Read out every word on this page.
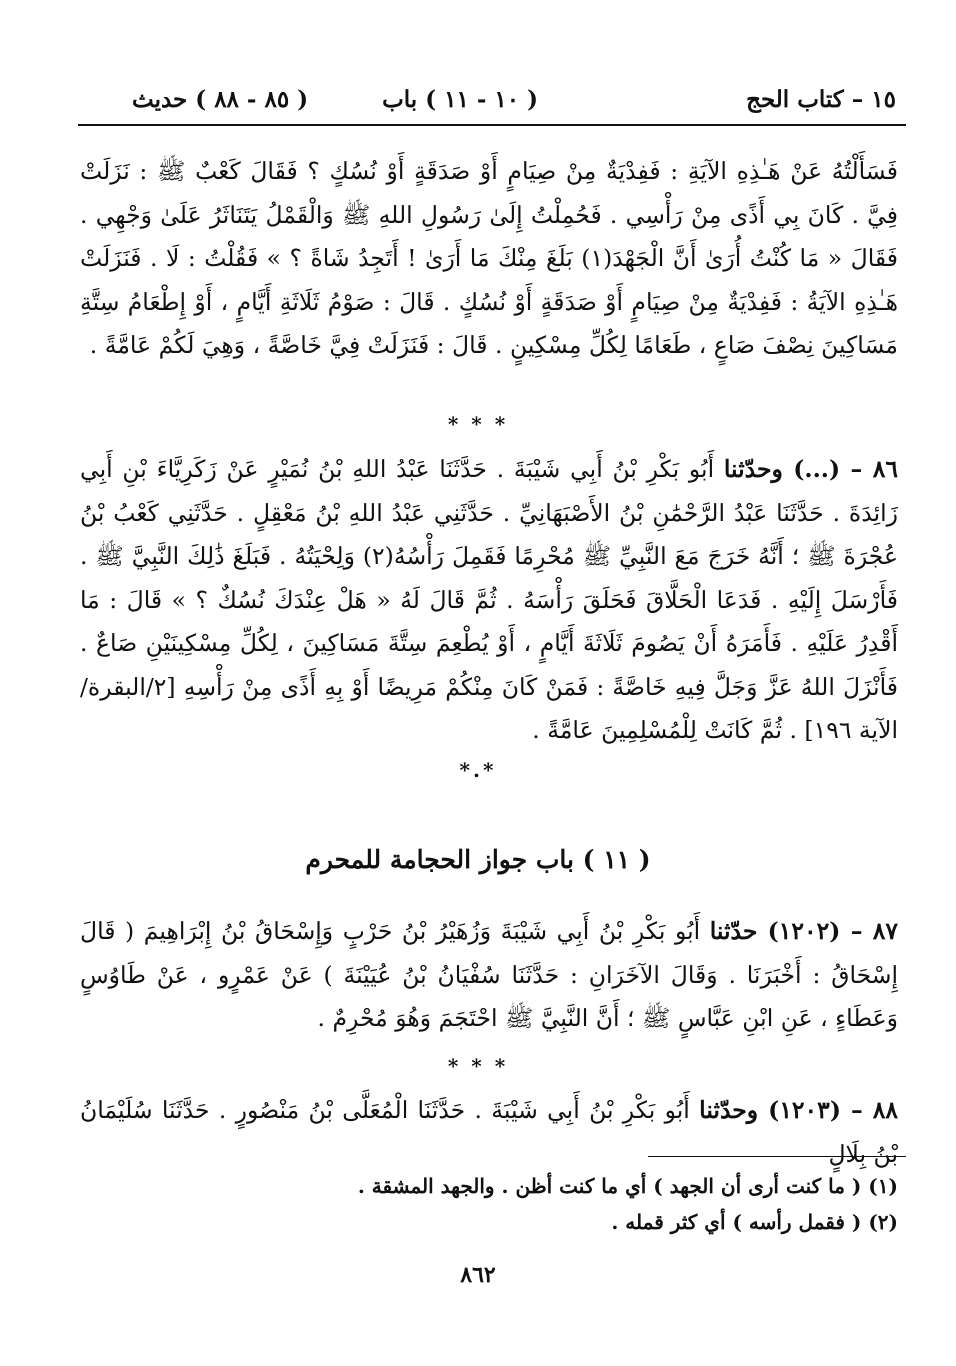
١٥ – كتاب الحج
( ١٠ - ١١ ) باب
( ٨٥ - ٨٨ ) حديث

فَسَأَلْتُهُ عَنْ هَـٰذِهِ الآيَةِ : فَفِدْيَةٌ مِنْ صِيَامٍ أَوْ صَدَقَةٍ أَوْ نُسُكٍ ؟ فَقَالَ كَعْبٌ ﷺ : نَزَلَتْ فِيَّ . كَانَ بِي أَذًى مِنْ رَأْسِي . فَحُمِلْتُ إِلَىٰ رَسُولِ اللهِ ﷺ وَالْقَمْلُ يَتَنَاثَرُ عَلَىٰ وَجْهِي . فَقَالَ « مَا كُنْتُ أُرَىٰ أَنَّ الْجَهْدَ(١) بَلَغَ مِنْكَ مَا أَرَىٰ ! أَتَجِدُ شَاةً ؟ » فَقُلْتُ : لَا . فَنَزَلَتْ هَـٰذِهِ الآيَةُ : فَفِدْيَةٌ مِنْ صِيَامٍ أَوْ صَدَقَةٍ أَوْ نُسُكٍ . قَالَ : صَوْمُ ثَلَاثَةِ أَيَّامٍ ، أَوْ إِطْعَامُ سِتَّةِ مَسَاكِينَ نِصْفَ صَاعٍ ، طَعَامًا لِكُلِّ مِسْكِينٍ . قَالَ : فَنَزَلَتْ فِيَّ خَاصَّةً ، وَهِيَ لَكُمْ عَامَّةً .

* * *

٨٦ – (...) وحدّثنا أَبُو بَكْرِ بْنُ أَبِي شَيْبَةَ . حَدَّثَنَا عَبْدُ اللهِ بْنُ نُمَيْرٍ عَنْ زَكَرِيَّاءَ بْنِ أَبِي زَائِدَةَ . حَدَّثَنَا عَبْدُ الرَّحْمَٰنِ بْنُ الأَصْبَهَانِيِّ . حَدَّثَنِي عَبْدُ اللهِ بْنُ مَعْقِلٍ . حَدَّثَنِي كَعْبُ بْنُ عُجْرَةَ ﷺ ؛ أَنَّهُ خَرَجَ مَعَ النَّبِيِّ ﷺ مُحْرِمًا فَقَمِلَ رَأْسُهُ(٢) وَلِحْيَتُهُ . فَبَلَغَ ذَٰلِكَ النَّبِيَّ ﷺ . فَأَرْسَلَ إِلَيْهِ . فَدَعَا الْحَلَّاقَ فَحَلَقَ رَأْسَهُ . ثُمَّ قَالَ لَهُ « هَلْ عِنْدَكَ نُسُكٌ ؟ » قَالَ : مَا أَقْدِرُ عَلَيْهِ . فَأَمَرَهُ أَنْ يَصُومَ ثَلَاثَةَ أَيَّامٍ ، أَوْ يُطْعِمَ سِتَّةَ مَسَاكِينَ ، لِكُلِّ مِسْكِينَيْنِ صَاعٌ . فَأَنْزَلَ اللهُ عَزَّ وَجَلَّ فِيهِ خَاصَّةً : فَمَنْ كَانَ مِنْكُمْ مَرِيضًا أَوْ بِهِ أَذًى مِنْ رَأْسِهِ [٢/البقرة/الآية ١٩٦] . ثُمَّ كَانَتْ لِلْمُسْلِمِينَ عَامَّةً .

*.*
( ١١ ) باب جواز الحجامة للمحرم

٨٧ – (١٢٠٢) حدّثنا أَبُو بَكْرِ بْنُ أَبِي شَيْبَةَ وَزُهَيْرُ بْنُ حَرْبٍ وَإِسْحَاقُ بْنُ إِبْرَاهِيمَ ( قَالَ إِسْحَاقُ : أَخْبَرَنَا . وَقَالَ الآخَرَانِ : حَدَّثَنَا سُفْيَانُ بْنُ عُيَيْنَةَ ) عَنْ عَمْرٍو ، عَنْ طَاوُسٍ وَعَطَاءٍ ، عَنِ ابْنِ عَبَّاسٍ ﷺ ؛ أَنَّ النَّبِيَّ ﷺ احْتَجَمَ وَهُوَ مُحْرِمٌ .

* * *

٨٨ – (١٢٠٣) وحدّثنا أَبُو بَكْرِ بْنُ أَبِي شَيْبَةَ . حَدَّثَنَا الْمُعَلَّى بْنُ مَنْصُورٍ . حَدَّثَنَا سُلَيْمَانُ بْنُ بِلَالٍ

(١) ( ما كنت أرى أن الجهد ) أي ما كنت أظن . والجهد المشقة .
(٢) ( فقمل رأسه ) أي كثر قمله .
٨٦٢
